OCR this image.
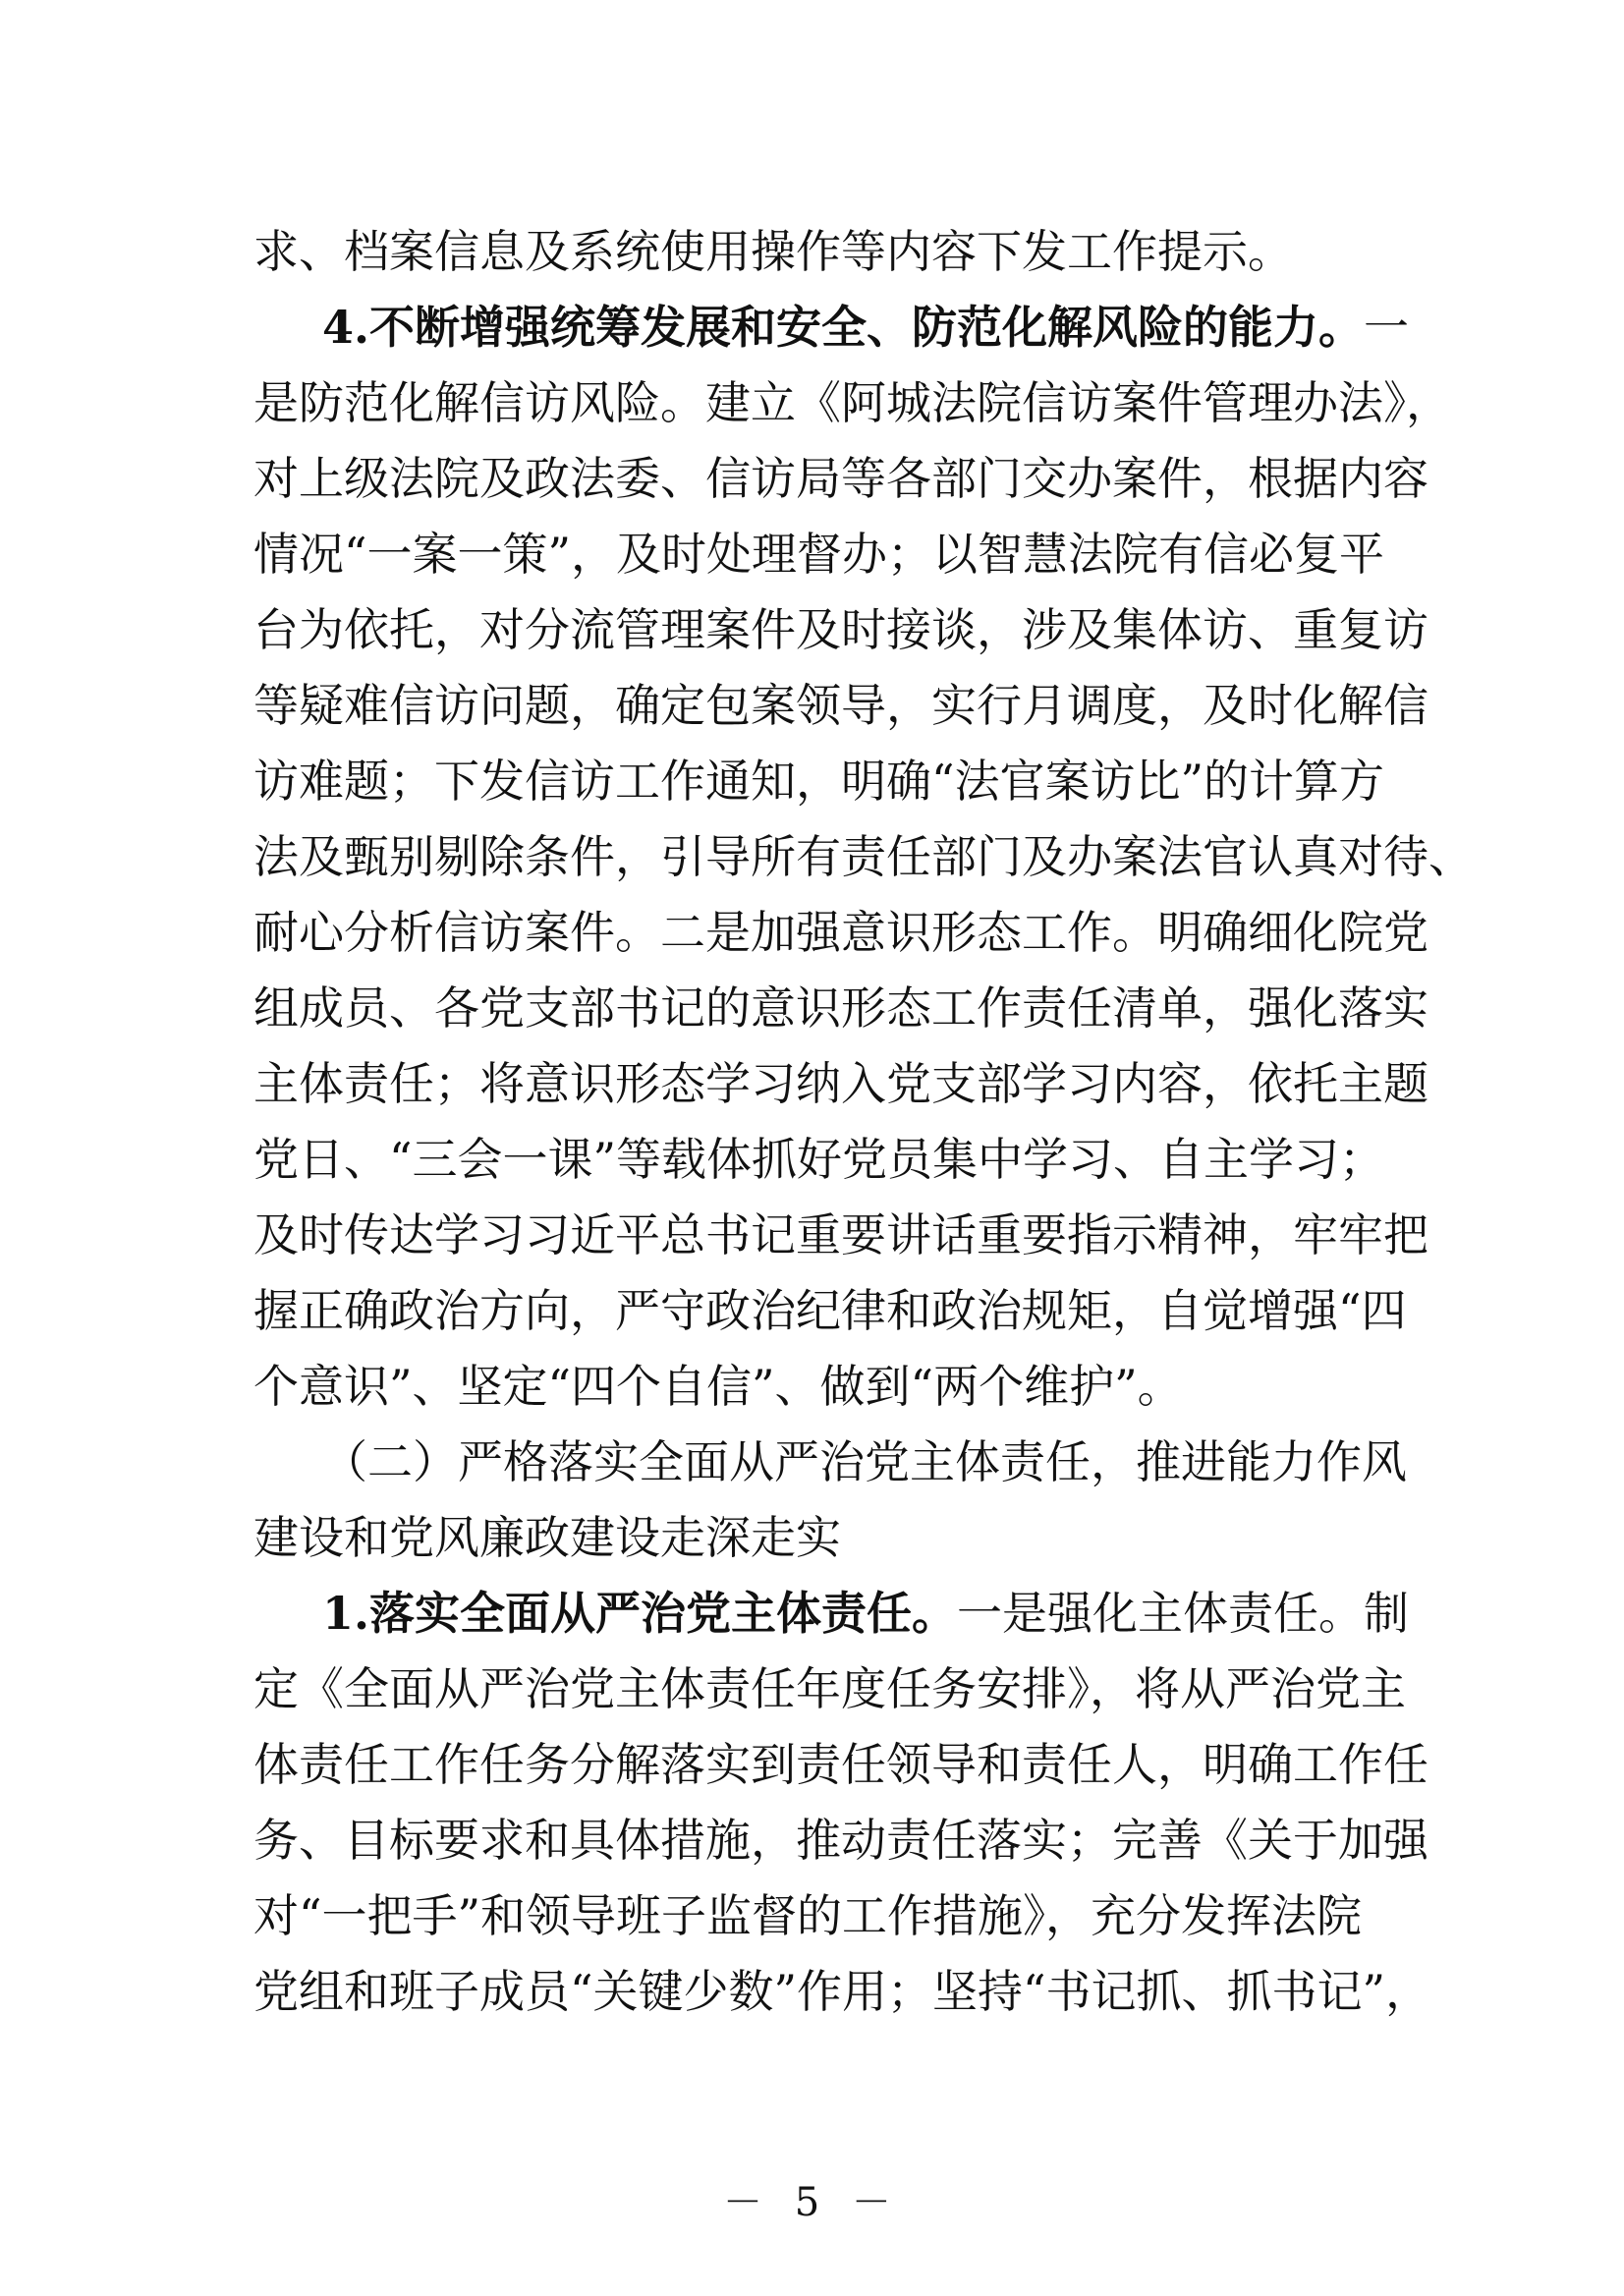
求、档案信息及系统使用操作等内容下发工作提示。
4.不断增强统筹发展和安全、防范化解风险的能力。一
是防范化解信访风险。建立《阿城法院信访案件管理办法》，
对上级法院及政法委、信访局等各部门交办案件，根据内容
情况“一案一策”，及时处理督办；以智慧法院有信必复平
台为依托，对分流管理案件及时接谈，涉及集体访、重复访
等疑难信访问题，确定包案领导，实行月调度，及时化解信
访难题；下发信访工作通知，明确“法官案访比”的计算方
法及甄别剔除条件，引导所有责任部门及办案法官认真对待、
耐心分析信访案件。二是加强意识形态工作。明确细化院党
组成员、各党支部书记的意识形态工作责任清单，强化落实
主体责任；将意识形态学习纳入党支部学习内容，依托主题
党日、“三会一课”等载体抓好党员集中学习、自主学习；
及时传达学习习近平总书记重要讲话重要指示精神，牢牢把
握正确政治方向，严守政治纪律和政治规矩，自觉增强“四
个意识”、坚定“四个自信”、做到“两个维护”。
（二）严格落实全面从严治党主体责任，推进能力作风
建设和党风廉政建设走深走实
1.落实全面从严治党主体责任。一是强化主体责任。制
定《全面从严治党主体责任年度任务安排》，将从严治党主
体责任工作任务分解落实到责任领导和责任人，明确工作任
务、目标要求和具体措施，推动责任落实；完善《关于加强
对“一把手”和领导班子监督的工作措施》，充分发挥法院
党组和班子成员“关键少数”作用；坚持“书记抓、抓书记”，
－ 5 －
